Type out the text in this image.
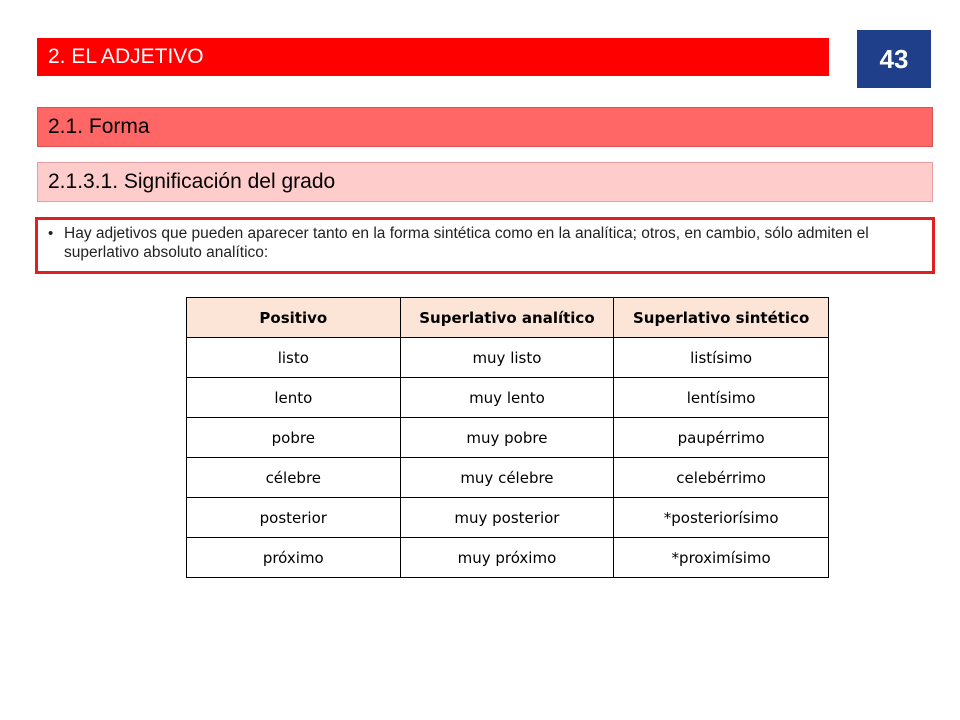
2. EL ADJETIVO	43
2.1. Forma
2.1.3.1. Significación del grado
• Hay adjetivos que pueden aparecer tanto en la forma sintética como en la analítica; otros, en cambio, sólo admiten el superlativo absoluto analítico:
Positivo	Superlativo analítico	Superlativo sintético
listo	muy listo	listísimo
lento	muy lento	lentísimo
pobre	muy pobre	paupérrimo
célebre	muy célebre	celebérrimo
posterior	muy posterior	*posteriorísimo
próximo	muy próximo	*proximísimo
